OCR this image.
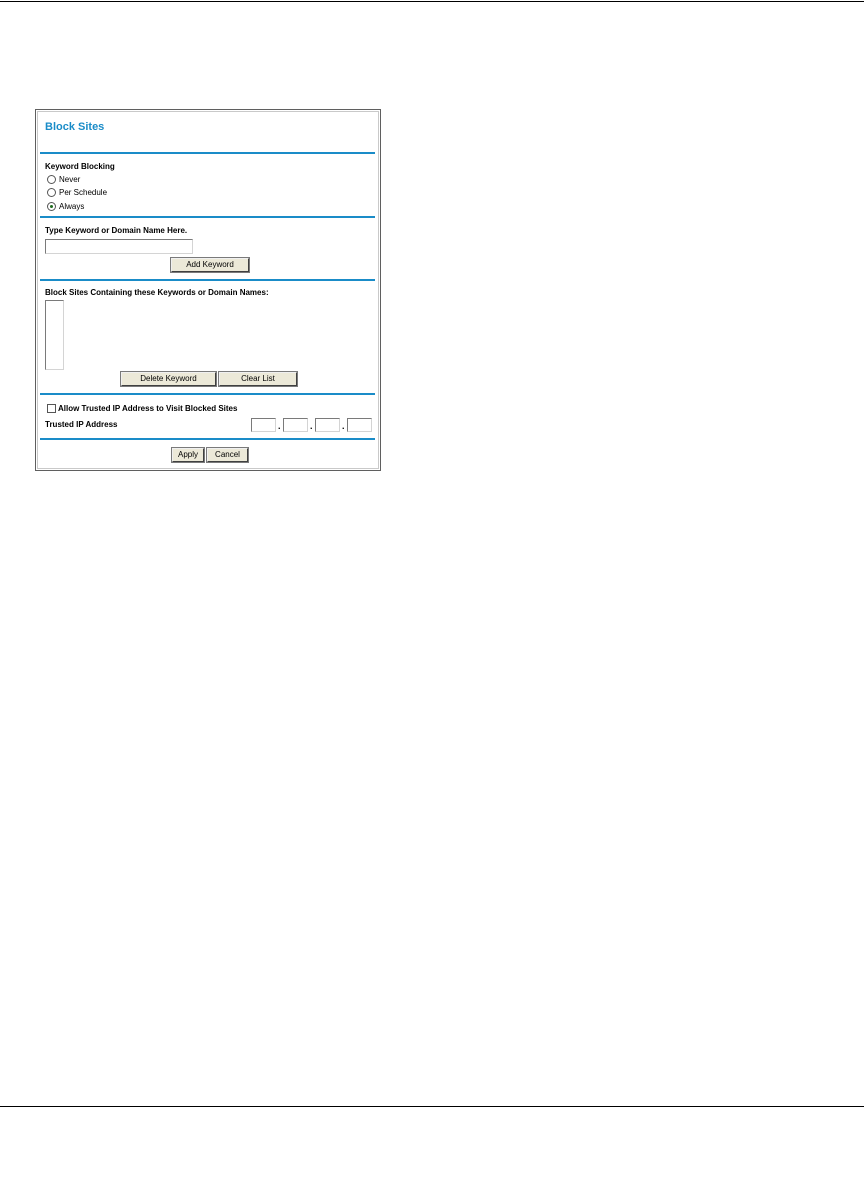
Block Sites
Keyword Blocking
Never
Per Schedule
Always
Type Keyword or Domain Name Here.
Add Keyword
Block Sites Containing these Keywords or Domain Names:
Delete Keyword	Clear List
Allow Trusted IP Address to Visit Blocked Sites
Trusted IP Address	.	.	.
Apply	Cancel
